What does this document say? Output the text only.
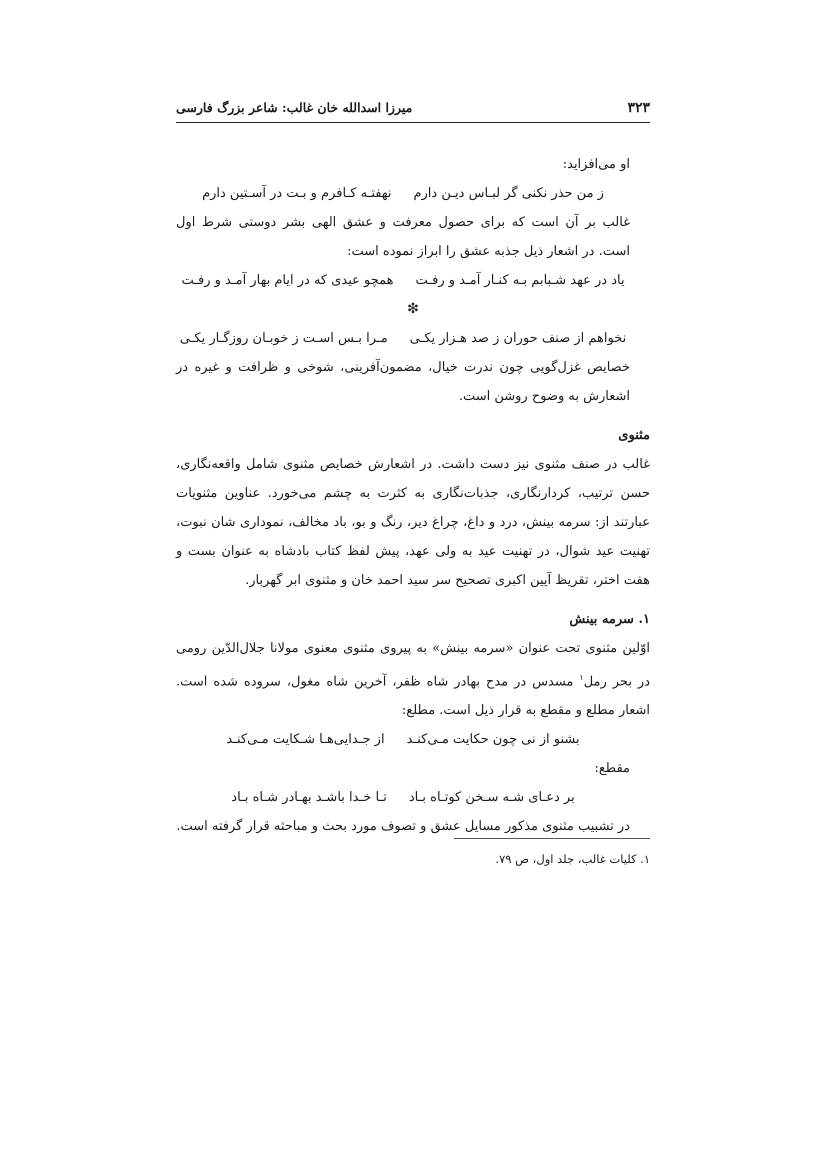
۳۲۳
میرزا اسدالله خان غالب: شاعر بزرگ فارسی

او می‌افزاید:

ز من حذر نکنی گر لبـاس دیـن دارم
نهفتـه کـافرم و بـت در آسـتین دارم

غالب بر آن است که برای حصول معرفت و عشق الهی بشر دوستی شرط اول است. در اشعار ذیل جذبه عشق را ابراز نموده است:

یاد در عهد شـبابم بـه کنـار آمـد و رفـت
همچو عیدی که در ایام بهار آمـد و رفـت

❇

نخواهم از صنف حوران ز صد هـزار یکـی
مـرا بـس اسـت ز خوبـان روزگـار یکـی

خصایص غزل‌گویی چون ندرت خیال، مضمون‌آفرینی، شوخی و ظرافت و غیره در اشعارش به وضوح روشن است.

مثنوی

غالب در صنف مثنوی نیز دست داشت. در اشعارش خصایص مثنوی شامل واقعه‌نگاری، حسن ترتیب، کردارنگاری، جذبات‌نگاری به کثرت به چشم می‌خورد. عناوین مثنویات عبارتند از: سرمه بینش، درد و داغ، چراغ دیر، رنگ و بو، باد مخالف، نموداری شان نبوت، تهنیت عید شوال، در تهنیت عید به ولی عهد، پیش لفظ کتاب بادشاه به عنوان بست و هفت اختر، تقریظ آیین اکبری تصحیح سر سید احمد خان و مثنوی ابر گهربار.

۱. سرمه بینش

اوّلین مثنوی تحت عنوان «سرمه بینش» به پیروی مثنوی معنوی مولانا جلال‌الدّین رومی در بحر رمل$^۱$ مسدس در مدح بهادر شاه ظفر، آخرین شاه مغول، سروده شده است. اشعار مطلع و مقطع به قرار ذیل است. مطلع:

بشنو از نی چون حکایت مـی‌کنـد
از جـدایی‌هـا شـکایت مـی‌کنـد

مقطع:

بر دعـای شـه سـخن کوتـاه بـاد
تـا خـدا باشـد بهـادر شـاه بـاد

در تشبیب مثنوی مذکور مسایل عشق و تصوف مورد بحث و مباحثه قرار گرفته است.

۱. کلیات غالب، جلد اول، ص ۷۹.
